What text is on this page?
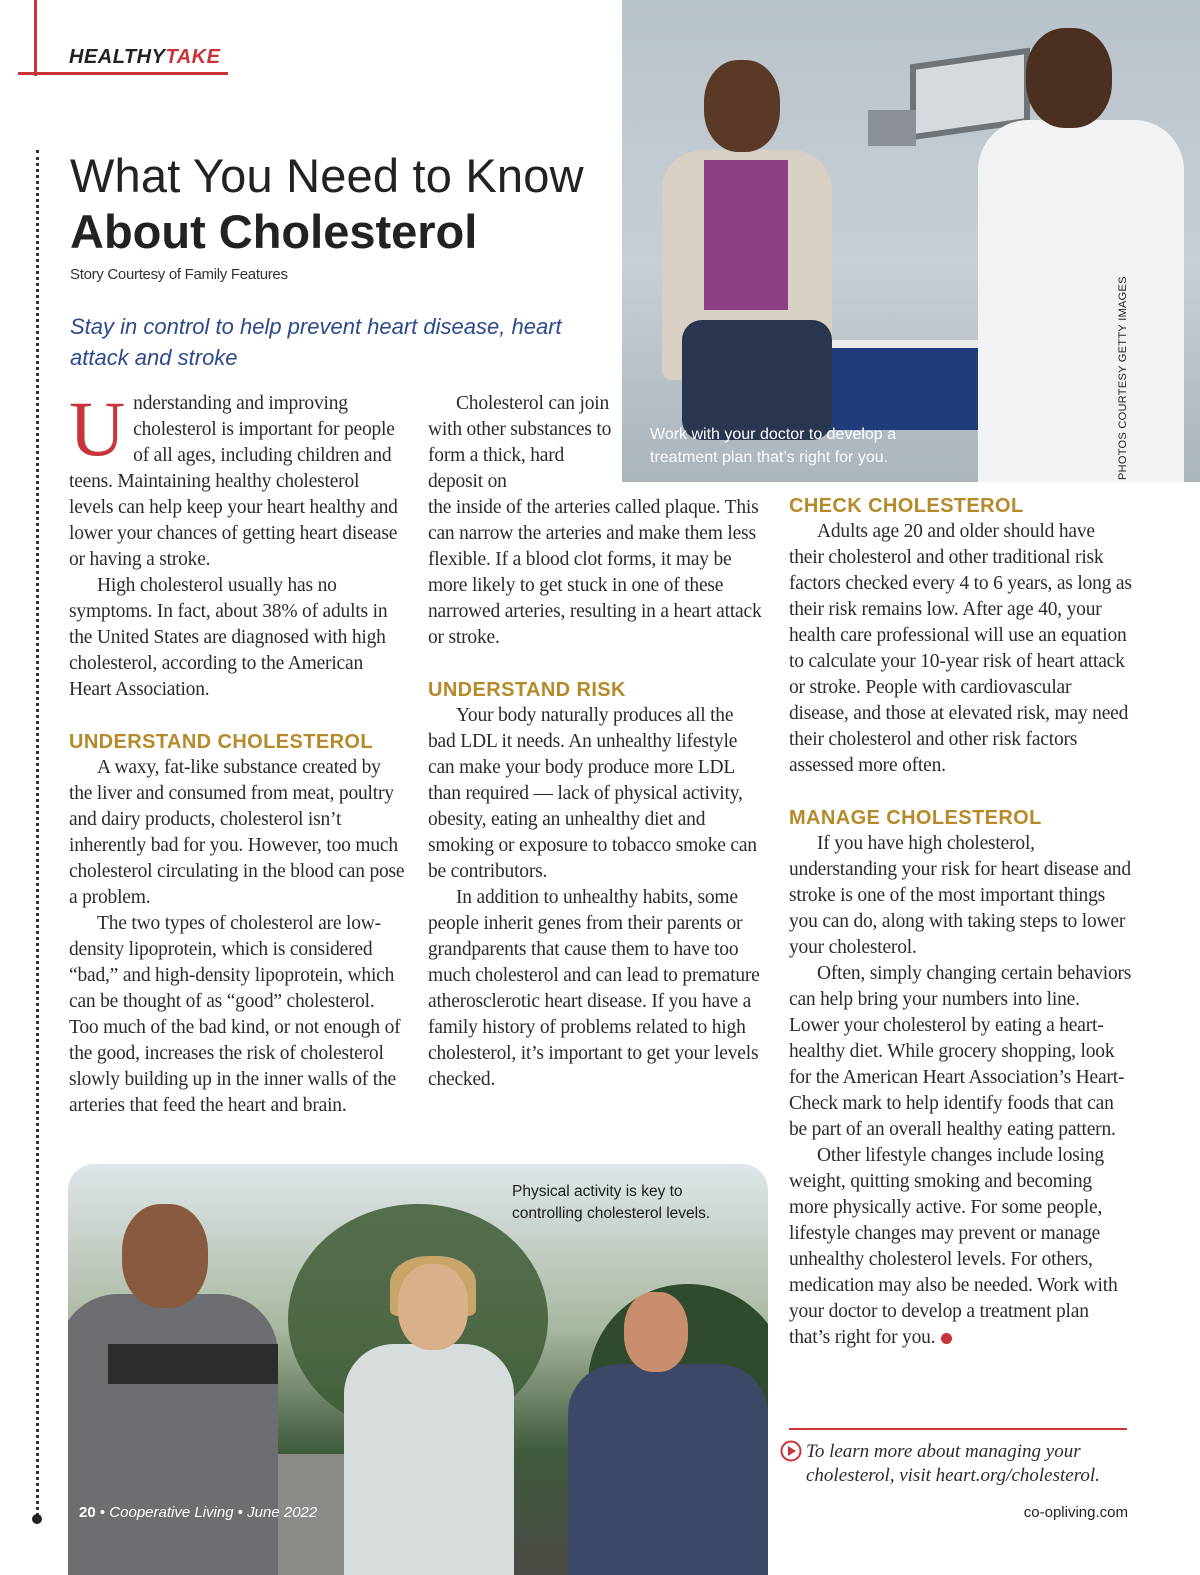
HEALTHYTAKE
What You Need to Know
About Cholesterol
Story Courtesy of Family Features
Stay in control to help prevent heart disease, heart attack and stroke
Work with your doctor to develop a treatment plan that’s right for you.	PHOTOS COURTESY GETTY IMAGES

Understanding and improving cholesterol is important for people of all ages, including children and teens. Maintaining healthy cholesterol levels can help keep your heart healthy and lower your chances of getting heart disease or having a stroke.

High cholesterol usually has no symptoms. In fact, about 38% of adults in the United States are diagnosed with high cholesterol, according to the American Heart Association.

UNDERSTAND CHOLESTEROL

A waxy, fat-like substance created by the liver and consumed from meat, poultry and dairy products, cholesterol isn’t inherently bad for you. However, too much cholesterol circulating in the blood can pose a problem.

The two types of cholesterol are low-density lipoprotein, which is considered “bad,” and high-density lipoprotein, which can be thought of as “good” cholesterol. Too much of the bad kind, or not enough of the good, increases the risk of cholesterol slowly building up in the inner walls of the arteries that feed the heart and brain.

Cholesterol can join with other substances to form a thick, hard deposit on

the inside of the arteries called plaque. This can narrow the arteries and make them less flexible. If a blood clot forms, it may be more likely to get stuck in one of these narrowed arteries, resulting in a heart attack or stroke.

UNDERSTAND RISK

Your body naturally produces all the bad LDL it needs. An unhealthy lifestyle can make your body produce more LDL than required — lack of physical activity, obesity, eating an unhealthy diet and smoking or exposure to tobacco smoke can be contributors.

In addition to unhealthy habits, some people inherit genes from their parents or grandparents that cause them to have too much cholesterol and can lead to premature atherosclerotic heart disease. If you have a family history of problems related to high cholesterol, it’s important to get your levels checked.

CHECK CHOLESTEROL

Adults age 20 and older should have their cholesterol and other traditional risk factors checked every 4 to 6 years, as long as their risk remains low. After age 40, your health care professional will use an equation to calculate your 10-year risk of heart attack or stroke. People with cardiovascular disease, and those at elevated risk, may need their cholesterol and other risk factors assessed more often.

MANAGE CHOLESTEROL

If you have high cholesterol, understanding your risk for heart disease and stroke is one of the most important things you can do, along with taking steps to lower your cholesterol.

Often, simply changing certain behaviors can help bring your numbers into line. Lower your cholesterol by eating a heart-healthy diet. While grocery shopping, look for the American Heart Association’s Heart-Check mark to help identify foods that can be part of an overall healthy eating pattern.

Other lifestyle changes include losing weight, quitting smoking and becoming more physically active. For some people, lifestyle changes may prevent or manage unhealthy cholesterol levels. For others, medication may also be needed. Work with your doctor to develop a treatment plan that’s right for you.

Physical activity is key to controlling cholesterol levels.
20 • Cooperative Living • June 2022	co-opliving.com
To learn more about managing your
cholesterol, visit heart.org/cholesterol.
